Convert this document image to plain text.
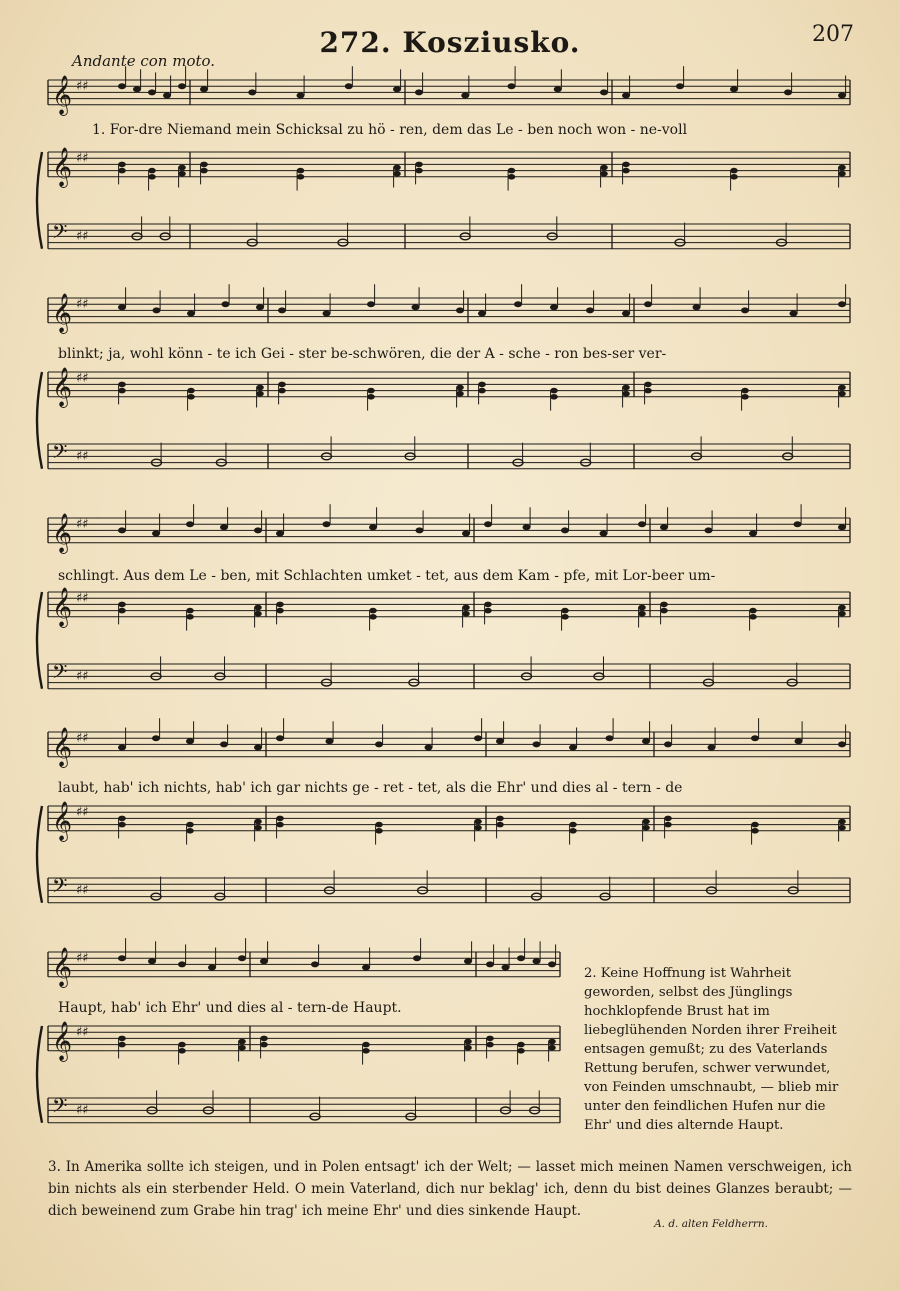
207
272. Kosziusko.
Andante con moto.
𝄞 ♯♯
𝄞 ♯♯
𝄢 ♯♯
𝄞 ♯♯
𝄞 ♯♯
𝄢 ♯♯
𝄞 ♯♯
𝄞 ♯♯
𝄢 ♯♯
𝄞 ♯♯
𝄞 ♯♯
𝄢 ♯♯
𝄞 ♯♯
𝄞 ♯♯
𝄢 ♯♯
1. For-dre Niemand mein Schicksal zu hö - ren, dem das Le - ben noch won - ne-voll
blinkt; ja, wohl könn - te ich Gei - ster be-schwören, die der A - sche - ron bes-ser ver-
schlingt. Aus dem Le - ben, mit Schlachten umket - tet, aus dem Kam - pfe, mit Lor-beer um-
laubt, hab' ich nichts, hab' ich gar nichts ge - ret - tet, als die Ehr' und dies al - tern - de
Haupt, hab' ich Ehr' und dies al - tern-de Haupt.
2. Keine Hoffnung ist Wahrheit geworden, selbst des Jünglings hochklopfende Brust hat im liebeglühenden Norden ihrer Freiheit entsagen gemußt; zu des Vaterlands Rettung berufen, schwer verwundet, von Feinden umschnaubt, — blieb mir unter den feindlichen Hufen nur die Ehr' und dies alternde Haupt.
3. In Amerika sollte ich steigen, und in Polen entsagt' ich der Welt; — lasset mich meinen Namen verschweigen, ich bin nichts als ein sterbender Held. O mein Vaterland, dich nur beklag' ich, denn du bist deines Glanzes beraubt; — dich beweinend zum Grabe hin trag' ich meine Ehr' und dies sinkende Haupt.
A. d. alten Feldherrn.
